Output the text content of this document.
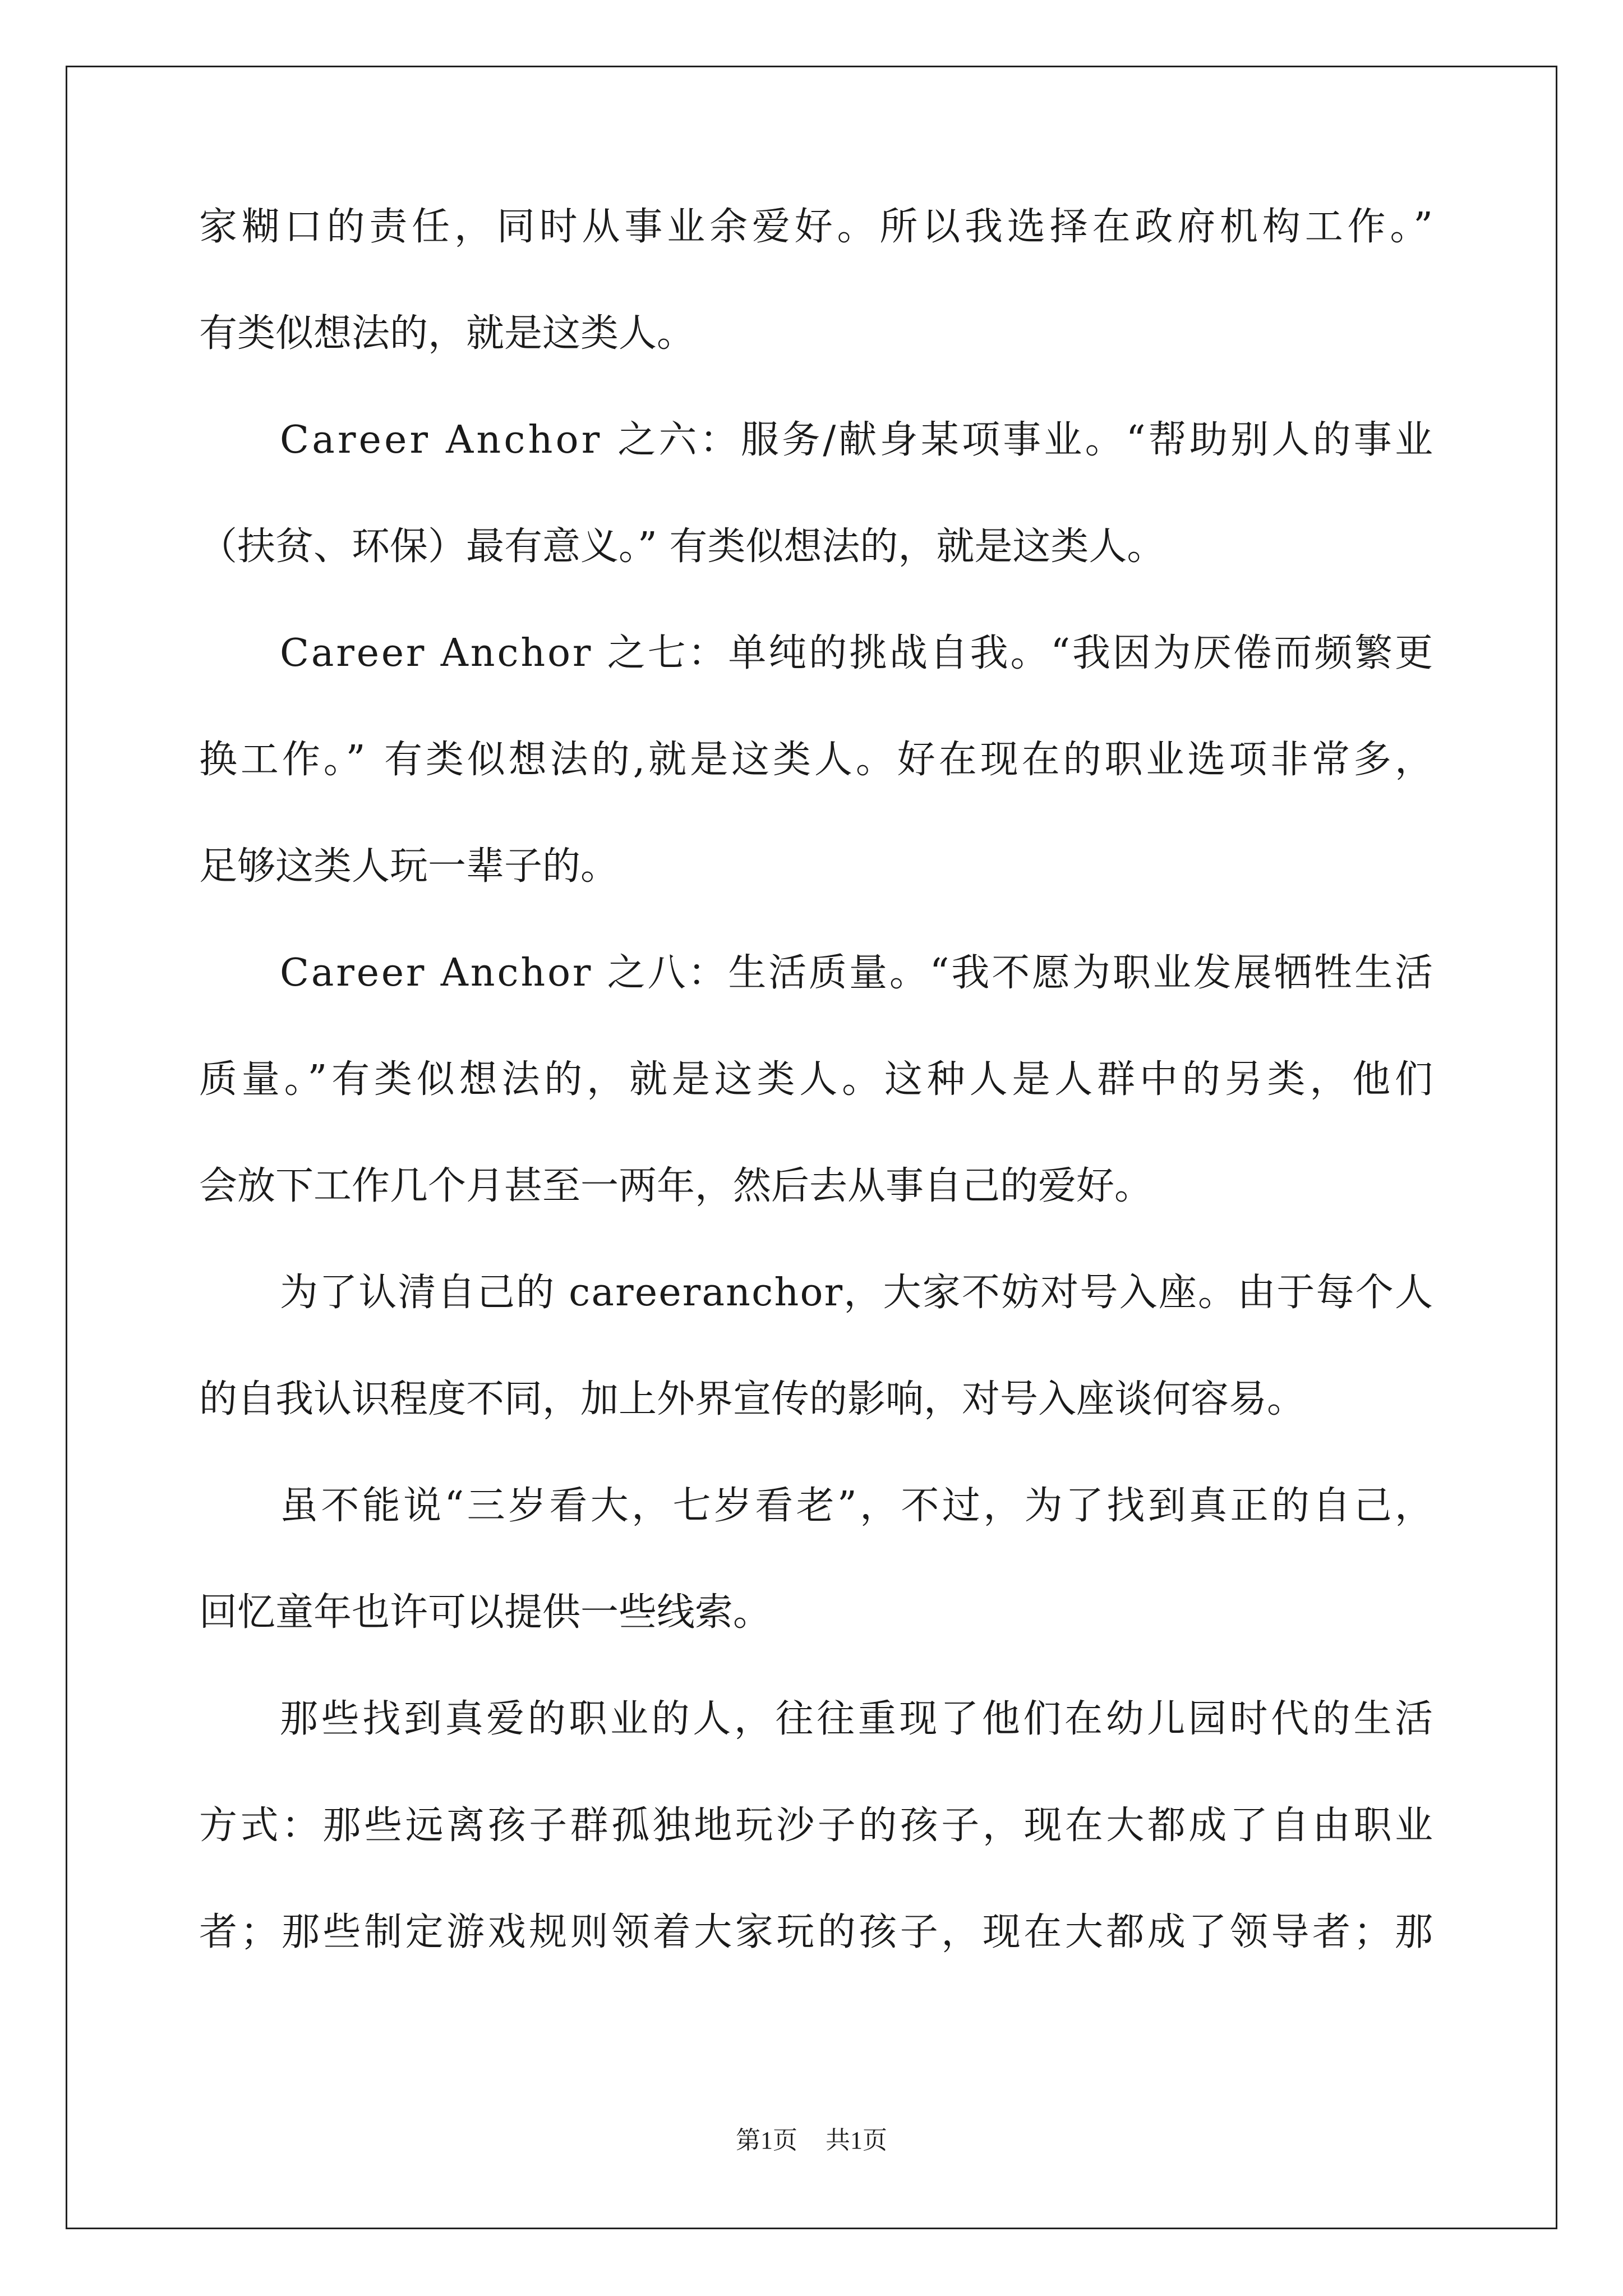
家糊口的责任，同时从事业余爱好。所以我选择在政府机构工作。”
有类似想法的，就是这类人。
Career Anchor 之六：服务/献身某项事业。“帮助别人的事业
（扶贫、环保）最有意义。” 有类似想法的，就是这类人。
Career Anchor 之七：单纯的挑战自我。“我因为厌倦而频繁更
换工作。” 有类似想法的,就是这类人。好在现在的职业选项非常多，
足够这类人玩一辈子的。
Career Anchor 之八：生活质量。“我不愿为职业发展牺牲生活
质量。”有类似想法的，就是这类人。这种人是人群中的另类，他们
会放下工作几个月甚至一两年，然后去从事自己的爱好。
为了认清自己的 careeranchor，大家不妨对号入座。由于每个人
的自我认识程度不同，加上外界宣传的影响，对号入座谈何容易。
虽不能说“三岁看大，七岁看老”，不过，为了找到真正的自己，
回忆童年也许可以提供一些线索。
那些找到真爱的职业的人，往往重现了他们在幼儿园时代的生活
方式：那些远离孩子群孤独地玩沙子的孩子，现在大都成了自由职业
者；那些制定游戏规则领着大家玩的孩子，现在大都成了领导者；那
第1页 共1页
